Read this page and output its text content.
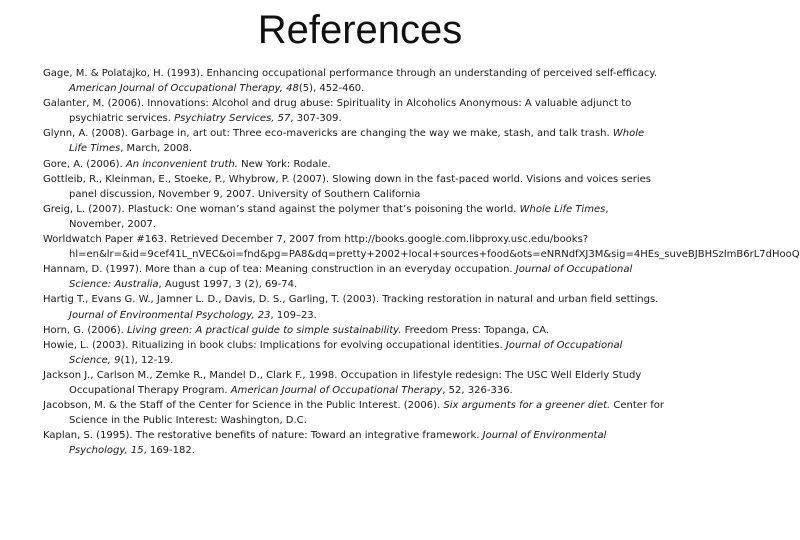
References
Gage, M. & Polatajko, H. (1993). Enhancing occupational performance through an understanding of perceived self-efficacy. American Journal of Occupational Therapy, 48(5), 452-460.
Galanter, M. (2006). Innovations: Alcohol and drug abuse: Spirituality in Alcoholics Anonymous: A valuable adjunct to psychiatric services. Psychiatry Services, 57, 307-309.
Glynn, A. (2008). Garbage in, art out: Three eco-mavericks are changing the way we make, stash, and talk trash. Whole Life Times, March, 2008.
Gore, A. (2006). An inconvenient truth. New York: Rodale.
Gottleib, R., Kleinman, E., Stoeke, P., Whybrow, P. (2007). Slowing down in the fast-paced world. Visions and voices series panel discussion, November 9, 2007. University of Southern California
Greig, L. (2007). Plastuck: One woman’s stand against the polymer that’s poisoning the world. Whole Life Times, November, 2007.
Worldwatch Paper #163. Retrieved December 7, 2007 from http://books.google.com.libproxy.usc.edu/books?hl=en&lr=&id=9cef41L_nVEC&oi=fnd&pg=PA8&dq=pretty+2002+local+sources+food&ots=eNRNdfXJ3M&sig=4HEs_suveBJBHSzImB6rL7dHooQ
Hannam, D. (1997). More than a cup of tea: Meaning construction in an everyday occupation. Journal of Occupational Science: Australia, August 1997, 3 (2), 69-74.
Hartig T., Evans G. W., Jamner L. D., Davis, D. S., Garling, T. (2003). Tracking restoration in natural and urban field settings. Journal of Environmental Psychology, 23, 109–23.
Horn, G. (2006). Living green: A practical guide to simple sustainability. Freedom Press: Topanga, CA.
Howie, L. (2003). Ritualizing in book clubs: Implications for evolving occupational identities. Journal of Occupational Science, 9(1), 12-19.
Jackson J., Carlson M., Zemke R., Mandel D., Clark F., 1998. Occupation in lifestyle redesign: The USC Well Elderly Study Occupational Therapy Program. American Journal of Occupational Therapy, 52, 326-336.
Jacobson, M. & the Staff of the Center for Science in the Public Interest. (2006). Six arguments for a greener diet. Center for Science in the Public Interest: Washington, D.C.
Kaplan, S. (1995). The restorative benefits of nature: Toward an integrative framework. Journal of Environmental Psychology, 15, 169-182.
